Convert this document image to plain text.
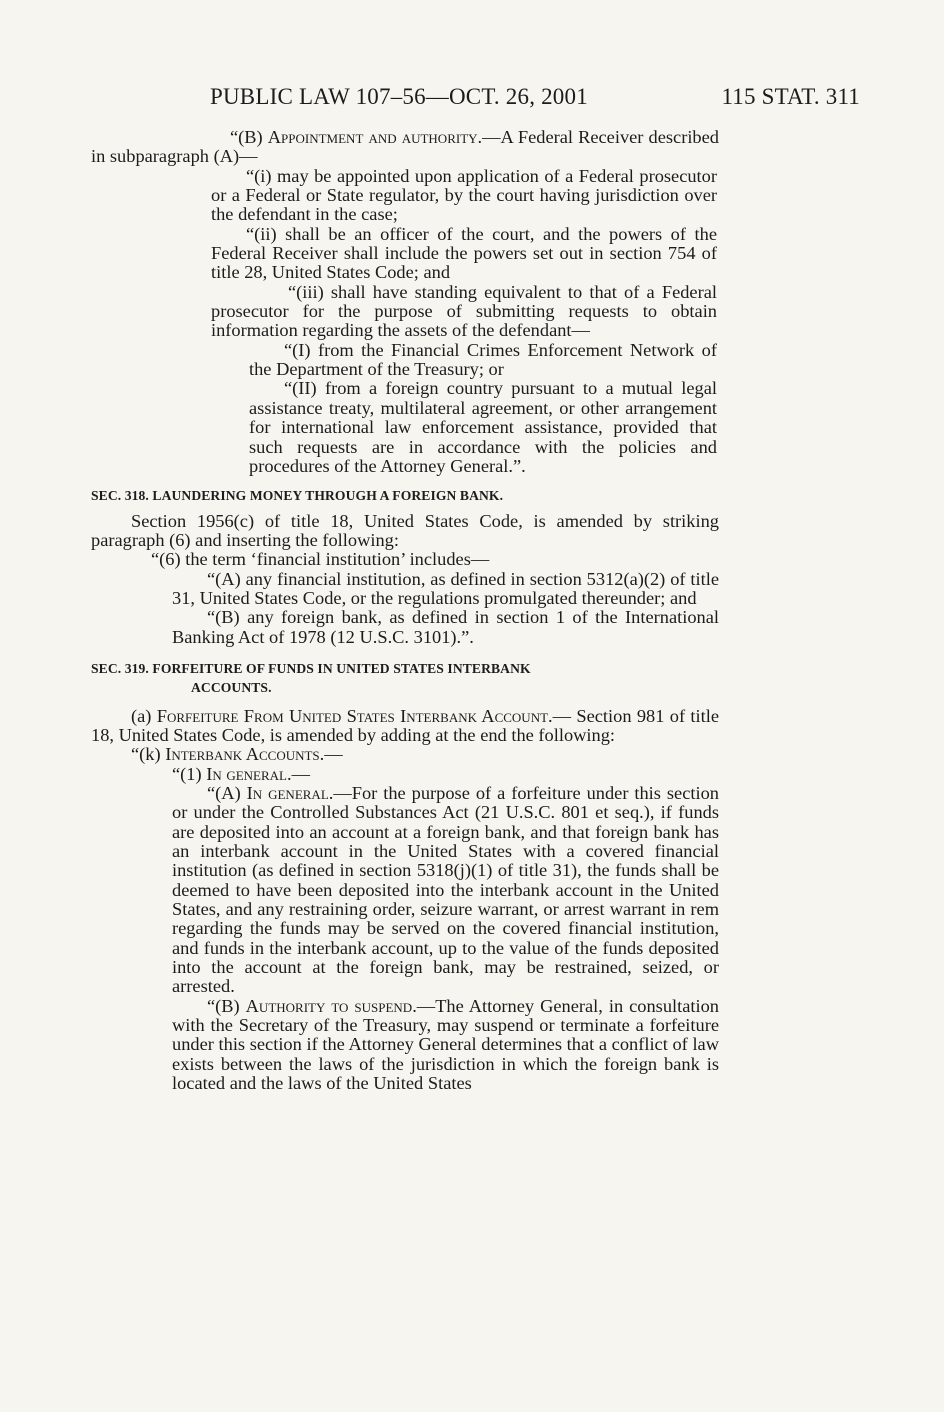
PUBLIC LAW 107–56—OCT. 26, 2001	115 STAT. 311

“(B) Appointment and authority.—A Federal Receiver described in subparagraph (A)—

“(i) may be appointed upon application of a Federal prosecutor or a Federal or State regulator, by the court having jurisdiction over the defendant in the case;

“(ii) shall be an officer of the court, and the powers of the Federal Receiver shall include the powers set out in section 754 of title 28, United States Code; and

“(iii) shall have standing equivalent to that of a Federal prosecutor for the purpose of submitting requests to obtain information regarding the assets of the defendant—

“(I) from the Financial Crimes Enforcement Network of the Department of the Treasury; or

“(II) from a foreign country pursuant to a mutual legal assistance treaty, multilateral agreement, or other arrangement for international law enforcement assistance, provided that such requests are in accordance with the policies and procedures of the Attorney General.”.

SEC. 318. LAUNDERING MONEY THROUGH A FOREIGN BANK.

Section 1956(c) of title 18, United States Code, is amended by striking paragraph (6) and inserting the following:

“(6) the term ‘financial institution’ includes—

“(A) any financial institution, as defined in section 5312(a)(2) of title 31, United States Code, or the regulations promulgated thereunder; and

“(B) any foreign bank, as defined in section 1 of the International Banking Act of 1978 (12 U.S.C. 3101).”.

SEC. 319. FORFEITURE OF FUNDS IN UNITED STATES INTERBANK
ACCOUNTS.

(a) Forfeiture From United States Interbank Account.— Section 981 of title 18, United States Code, is amended by adding at the end the following:

“(k) Interbank Accounts.—

“(1) In general.—

“(A) In general.—For the purpose of a forfeiture under this section or under the Controlled Substances Act (21 U.S.C. 801 et seq.), if funds are deposited into an account at a foreign bank, and that foreign bank has an interbank account in the United States with a covered financial institution (as defined in section 5318(j)(1) of title 31), the funds shall be deemed to have been deposited into the interbank account in the United States, and any restraining order, seizure warrant, or arrest warrant in rem regarding the funds may be served on the covered financial institution, and funds in the interbank account, up to the value of the funds deposited into the account at the foreign bank, may be restrained, seized, or arrested.

“(B) Authority to suspend.—The Attorney General, in consultation with the Secretary of the Treasury, may suspend or terminate a forfeiture under this section if the Attorney General determines that a conflict of law exists between the laws of the jurisdiction in which the foreign bank is located and the laws of the United States
